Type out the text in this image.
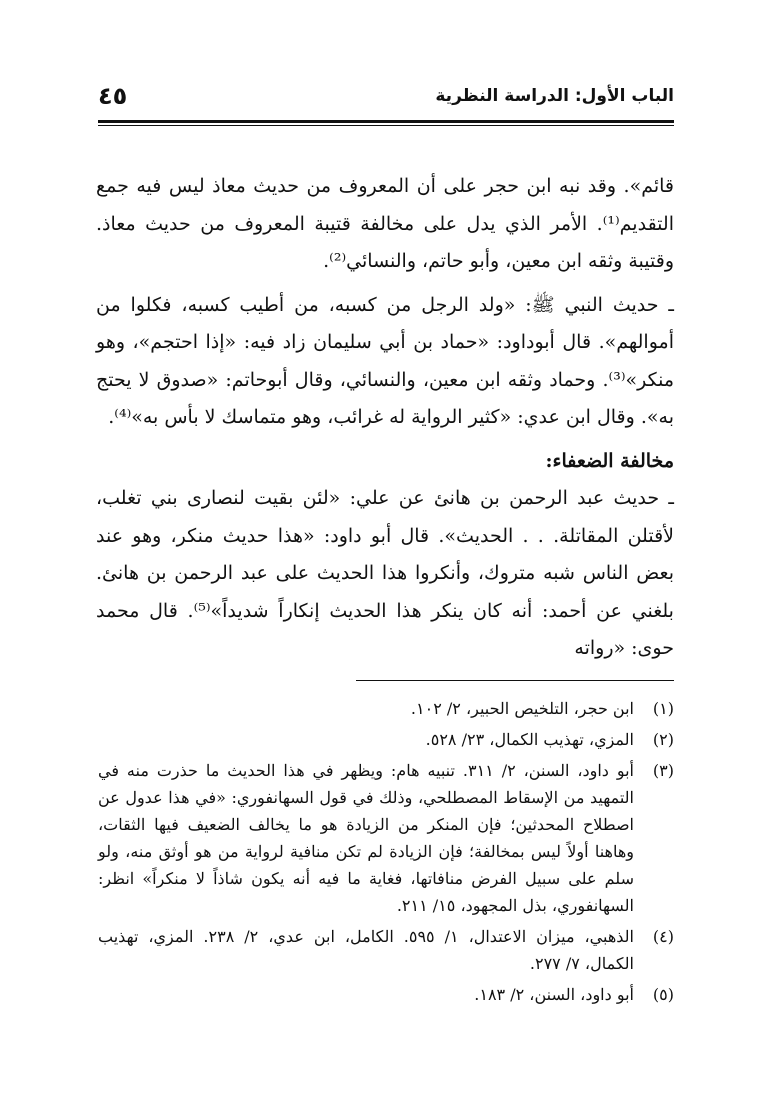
الباب الأول: الدراسة النظرية
٤٥

قائم». وقد نبه ابن حجر على أن المعروف من حديث معاذ ليس فيه جمع التقديم⁽¹⁾. الأمر الذي يدل على مخالفة قتيبة المعروف من حديث معاذ. وقتيبة وثقه ابن معين، وأبو حاتم، والنسائي⁽²⁾.

ـ حديث النبي ﷺ: «ولد الرجل من كسبه، من أطيب كسبه، فكلوا من أموالهم». قال أبوداود: «حماد بن أبي سليمان زاد فيه: «إذا احتجم»، وهو منكر»⁽³⁾. وحماد وثقه ابن معين، والنسائي، وقال أبوحاتم: «صدوق لا يحتج به». وقال ابن عدي: «كثير الرواية له غرائب، وهو متماسك لا بأس به»⁽⁴⁾.

مخالفة الضعفاء:

ـ حديث عبد الرحمن بن هانئ عن علي: «لئن بقيت لنصارى بني تغلب، لأقتلن المقاتلة. . . الحديث». قال أبو داود: «هذا حديث منكر، وهو عند بعض الناس شبه متروك، وأنكروا هذا الحديث على عبد الرحمن بن هانئ. بلغني عن أحمد: أنه كان ينكر هذا الحديث إنكاراً شديداً»⁽⁵⁾. قال محمد حوى: «رواته

(١)
ابن حجر، التلخيص الحبير، ٢/ ١٠٢.
(٢)
المزي، تهذيب الكمال، ٢٣/ ٥٢٨.
(٣)
أبو داود، السنن، ٢/ ٣١١. تنبيه هام: ويظهر في هذا الحديث ما حذرت منه في التمهيد من الإسقاط المصطلحي، وذلك في قول السهانفوري: «في هذا عدول عن اصطلاح المحدثين؛ فإن المنكر من الزيادة هو ما يخالف الضعيف فيها الثقات، وهاهنا أولاً ليس بمخالفة؛ فإن الزيادة لم تكن منافية لرواية من هو أوثق منه، ولو سلم على سبيل الفرض منافاتها، فغاية ما فيه أنه يكون شاذاً لا منكراً» انظر: السهانفوري، بذل المجهود، ١٥/ ٢١١.
(٤)
الذهبي، ميزان الاعتدال، ١/ ٥٩٥. الكامل، ابن عدي، ٢/ ٢٣٨. المزي، تهذيب الكمال، ٧/ ٢٧٧.
(٥)
أبو داود، السنن، ٢/ ١٨٣.
